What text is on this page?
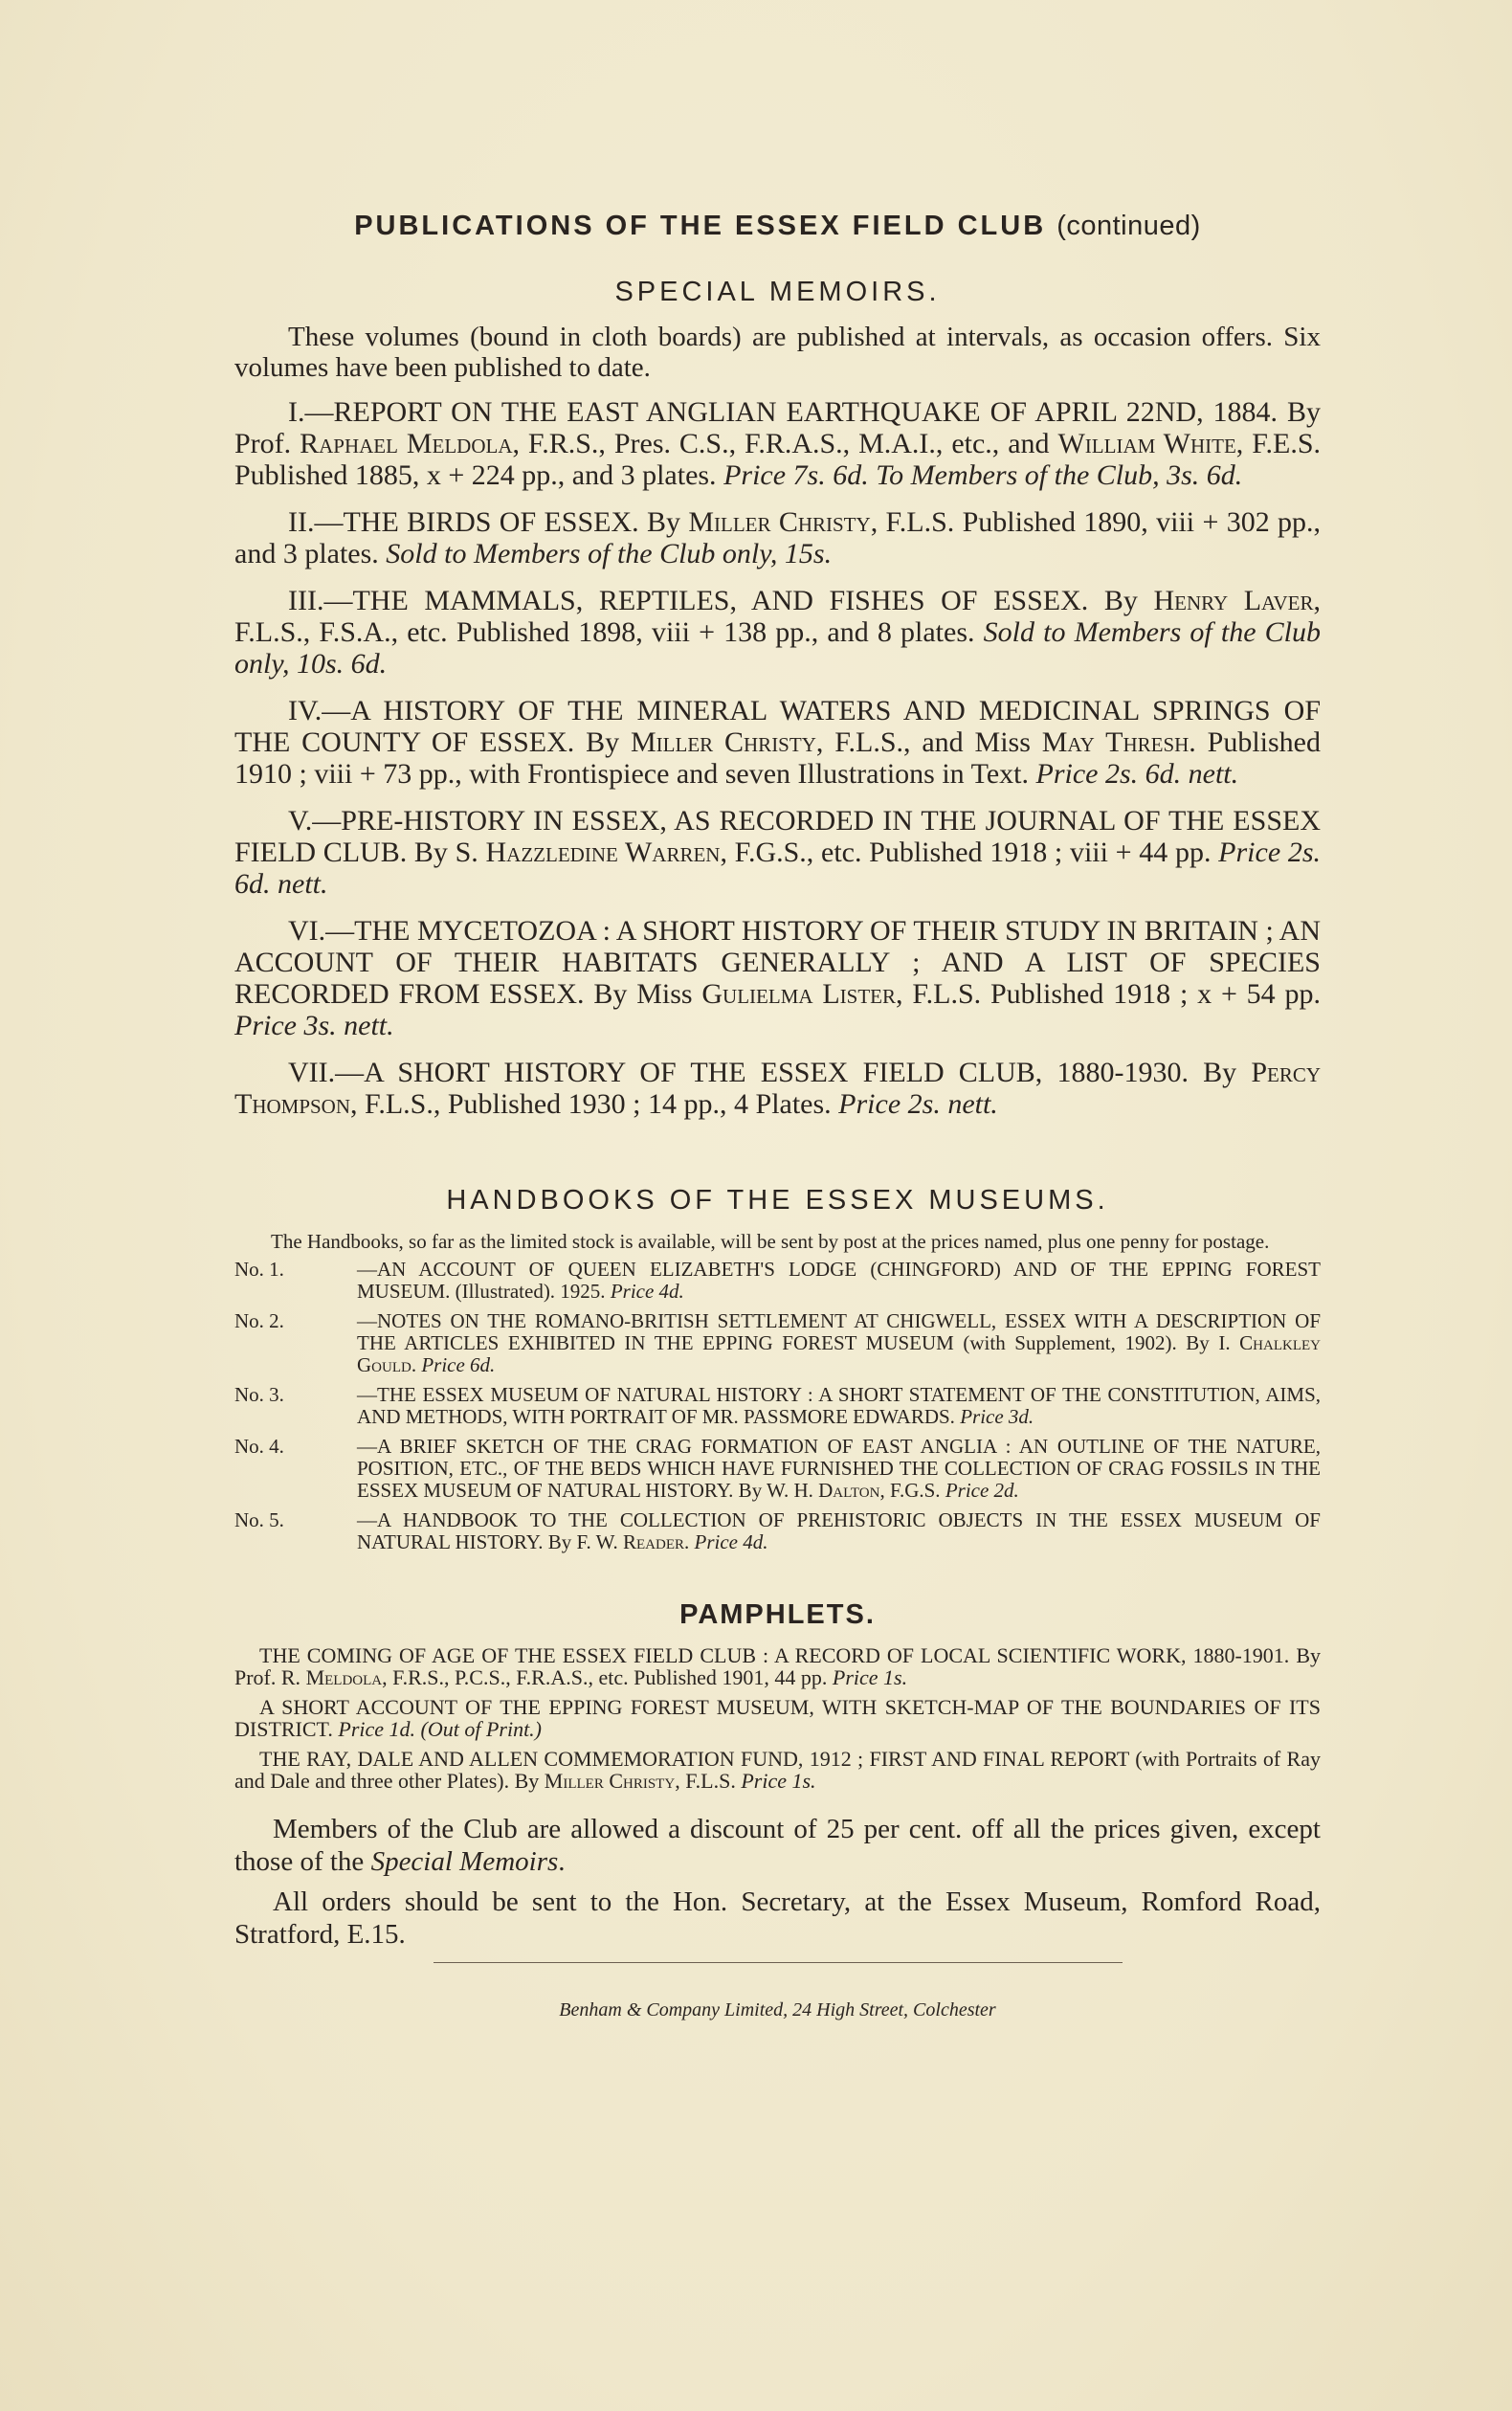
PUBLICATIONS OF THE ESSEX FIELD CLUB (continued)
SPECIAL MEMOIRS.

These volumes (bound in cloth boards) are published at intervals, as occasion offers. Six volumes have been published to date.

I.—REPORT ON THE EAST ANGLIAN EARTHQUAKE OF APRIL 22ND, 1884. By Prof. Raphael Meldola, F.R.S., Pres. C.S., F.R.A.S., M.A.I., etc., and William White, F.E.S. Published 1885, x + 224 pp., and 3 plates. Price 7s. 6d. To Members of the Club, 3s. 6d.

II.—THE BIRDS OF ESSEX. By Miller Christy, F.L.S. Published 1890, viii + 302 pp., and 3 plates. Sold to Members of the Club only, 15s.

III.—THE MAMMALS, REPTILES, AND FISHES OF ESSEX. By Henry Laver, F.L.S., F.S.A., etc. Published 1898, viii + 138 pp., and 8 plates. Sold to Members of the Club only, 10s. 6d.

IV.—A HISTORY OF THE MINERAL WATERS AND MEDICINAL SPRINGS OF THE COUNTY OF ESSEX. By Miller Christy, F.L.S., and Miss May Thresh. Published 1910 ; viii + 73 pp., with Frontispiece and seven Illustrations in Text. Price 2s. 6d. nett.

V.—PRE-HISTORY IN ESSEX, AS RECORDED IN THE JOURNAL OF THE ESSEX FIELD CLUB. By S. Hazzledine Warren, F.G.S., etc. Published 1918 ; viii + 44 pp. Price 2s. 6d. nett.

VI.—THE MYCETOZOA : A SHORT HISTORY OF THEIR STUDY IN BRITAIN ; AN ACCOUNT OF THEIR HABITATS GENERALLY ; AND A LIST OF SPECIES RECORDED FROM ESSEX. By Miss Gulielma Lister, F.L.S. Published 1918 ; x + 54 pp. Price 3s. nett.

VII.—A SHORT HISTORY OF THE ESSEX FIELD CLUB, 1880-1930. By Percy Thompson, F.L.S., Published 1930 ; 14 pp., 4 Plates. Price 2s. nett.

HANDBOOKS OF THE ESSEX MUSEUMS.

The Handbooks, so far as the limited stock is available, will be sent by post at the prices named, plus one penny for postage.

No. 1.	—AN ACCOUNT OF QUEEN ELIZABETH'S LODGE (CHINGFORD) AND OF THE EPPING FOREST MUSEUM. (Illustrated). 1925. Price 4d.

No. 2.	—NOTES ON THE ROMANO-BRITISH SETTLEMENT AT CHIGWELL, ESSEX WITH A DESCRIPTION OF THE ARTICLES EXHIBITED IN THE EPPING FOREST MUSEUM (with Supplement, 1902). By I. Chalkley Gould. Price 6d.

No. 3.	—THE ESSEX MUSEUM OF NATURAL HISTORY : A SHORT STATEMENT OF THE CONSTITUTION, AIMS, AND METHODS, WITH PORTRAIT OF MR. PASSMORE EDWARDS. Price 3d.

No. 4.	—A BRIEF SKETCH OF THE CRAG FORMATION OF EAST ANGLIA : AN OUTLINE OF THE NATURE, POSITION, ETC., OF THE BEDS WHICH HAVE FURNISHED THE COLLECTION OF CRAG FOSSILS IN THE ESSEX MUSEUM OF NATURAL HISTORY. By W. H. Dalton, F.G.S. Price 2d.

No. 5.	—A HANDBOOK TO THE COLLECTION OF PREHISTORIC OBJECTS IN THE ESSEX MUSEUM OF NATURAL HISTORY. By F. W. Reader. Price 4d.

PAMPHLETS.

THE COMING OF AGE OF THE ESSEX FIELD CLUB : A RECORD OF LOCAL SCIENTIFIC WORK, 1880-1901. By Prof. R. Meldola, F.R.S., P.C.S., F.R.A.S., etc. Published 1901, 44 pp. Price 1s.

A SHORT ACCOUNT OF THE EPPING FOREST MUSEUM, WITH SKETCH-MAP OF THE BOUNDARIES OF ITS DISTRICT. Price 1d. (Out of Print.)

THE RAY, DALE AND ALLEN COMMEMORATION FUND, 1912 ; FIRST AND FINAL REPORT (with Portraits of Ray and Dale and three other Plates). By Miller Christy, F.L.S. Price 1s.

Members of the Club are allowed a discount of 25 per cent. off all the prices given, except those of the Special Memoirs.

All orders should be sent to the Hon. Secretary, at the Essex Museum, Romford Road, Stratford, E.15.

Benham & Company Limited, 24 High Street, Colchester
